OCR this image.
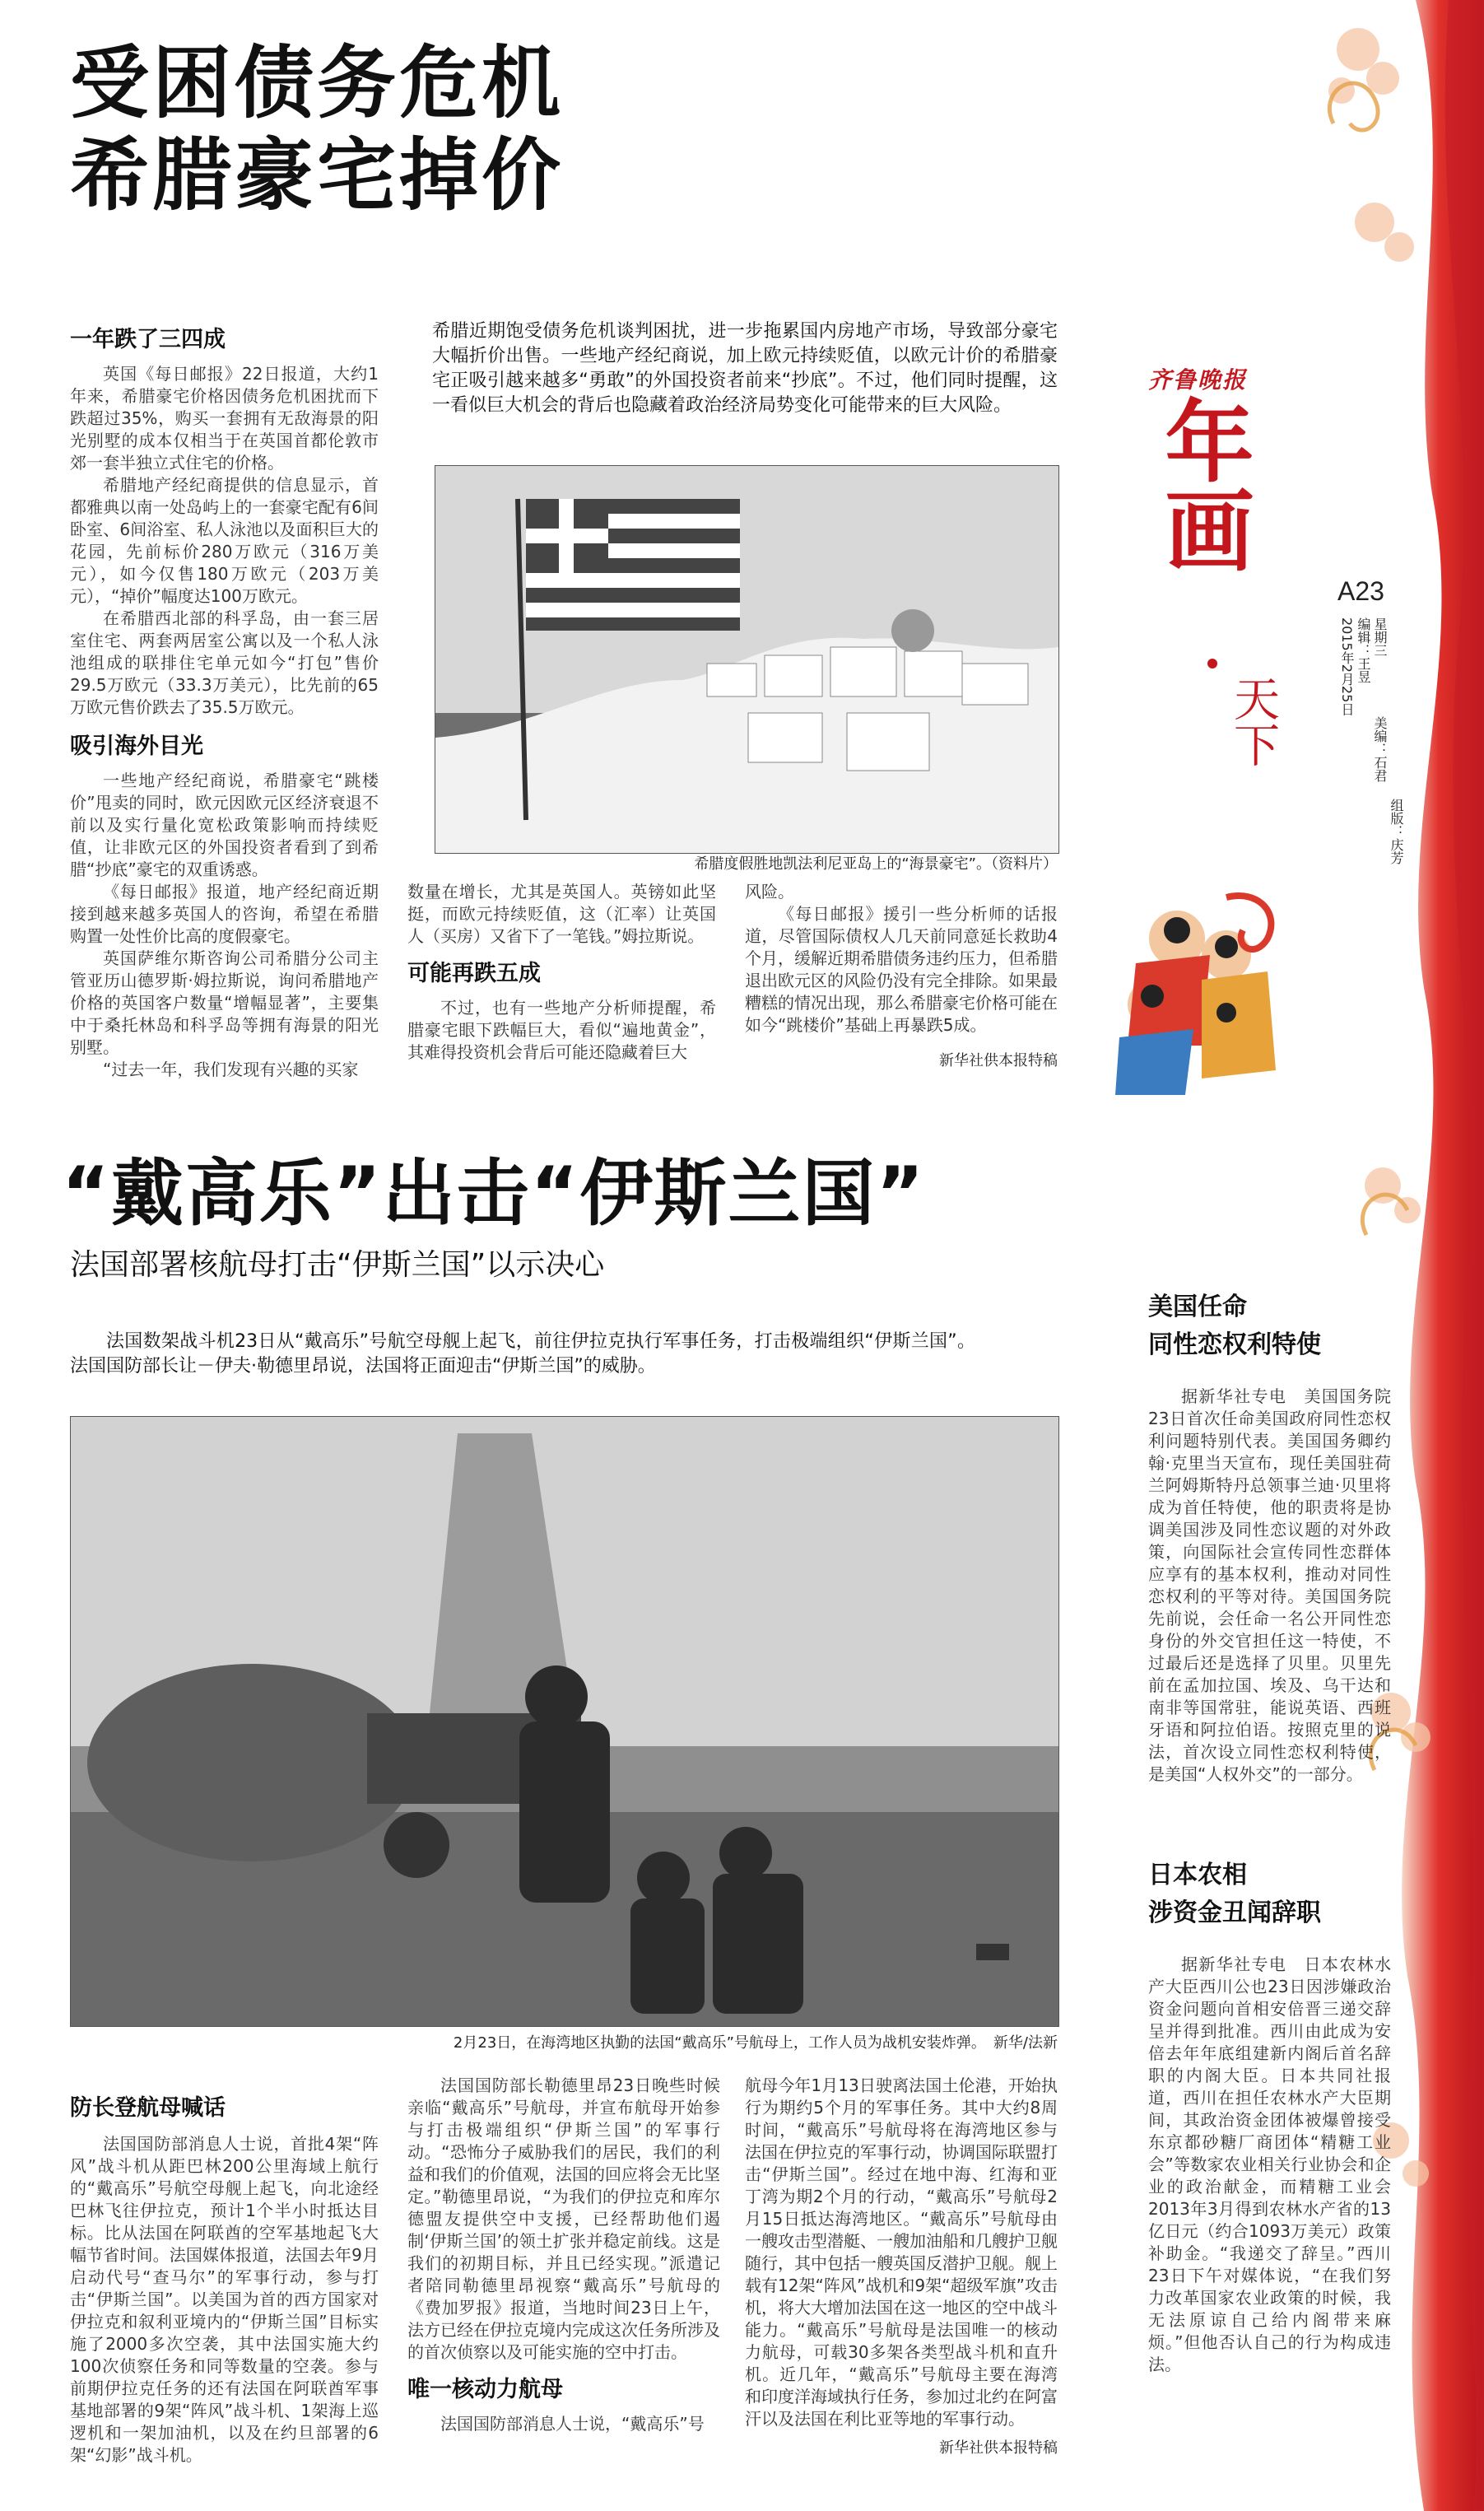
齐鲁晚报
年画
天下
A23
2015年2月25日 星期三
编辑：王昱
美编：石君
组版：庆芳
受困债务危机
希腊豪宅掉价
希腊近期饱受债务危机谈判困扰，进一步拖累国内房地产市场，导致部分豪宅大幅折价出售。一些地产经纪商说，加上欧元持续贬值，以欧元计价的希腊豪宅正吸引越来越多“勇敢”的外国投资者前来“抄底”。不过，他们同时提醒，这一看似巨大机会的背后也隐藏着政治经济局势变化可能带来的巨大风险。
一年跌了三四成
英国《每日邮报》22日报道，大约1年来，希腊豪宅价格因债务危机困扰而下跌超过35%，购买一套拥有无敌海景的阳光别墅的成本仅相当于在英国首都伦敦市郊一套半独立式住宅的价格。
希腊地产经纪商提供的信息显示，首都雅典以南一处岛屿上的一套豪宅配有6间卧室、6间浴室、私人泳池以及面积巨大的花园，先前标价280万欧元（316万美元），如今仅售180万欧元（203万美元），“掉价”幅度达100万欧元。
在希腊西北部的科孚岛，由一套三居室住宅、两套两居室公寓以及一个私人泳池组成的联排住宅单元如今“打包”售价29.5万欧元（33.3万美元），比先前的65万欧元售价跌去了35.5万欧元。
吸引海外目光
一些地产经纪商说，希腊豪宅“跳楼价”甩卖的同时，欧元因欧元区经济衰退不前以及实行量化宽松政策影响而持续贬值，让非欧元区的外国投资者看到了到希腊“抄底”豪宅的双重诱惑。
《每日邮报》报道，地产经纪商近期接到越来越多英国人的咨询，希望在希腊购置一处性价比高的度假豪宅。
英国萨维尔斯咨询公司希腊分公司主管亚历山德罗斯·姆拉斯说，询问希腊地产价格的英国客户数量“增幅显著”，主要集中于桑托林岛和科孚岛等拥有海景的阳光别墅。
“过去一年，我们发现有兴趣的买家
希腊度假胜地凯法利尼亚岛上的“海景豪宅”。（资料片）
数量在增长，尤其是英国人。英镑如此坚挺，而欧元持续贬值，这（汇率）让英国人（买房）又省下了一笔钱。”姆拉斯说。
可能再跌五成
不过，也有一些地产分析师提醒，希腊豪宅眼下跌幅巨大，看似“遍地黄金”，其难得投资机会背后可能还隐藏着巨大
风险。
《每日邮报》援引一些分析师的话报道，尽管国际债权人几天前同意延长救助4个月，缓解近期希腊债务违约压力，但希腊退出欧元区的风险仍没有完全排除。如果最糟糕的情况出现，那么希腊豪宅价格可能在如今“跳楼价”基础上再暴跌5成。
新华社供本报特稿
“戴高乐”出击“伊斯兰国”
法国部署核航母打击“伊斯兰国”以示决心
法国数架战斗机23日从“戴高乐”号航空母舰上起飞，前往伊拉克执行军事任务，打击极端组织“伊斯兰国”。法国国防部长让－伊夫·勒德里昂说，法国将正面迎击“伊斯兰国”的威胁。
2月23日，在海湾地区执勤的法国“戴高乐”号航母上，工作人员为战机安装炸弹。　新华/法新
防长登航母喊话
法国国防部消息人士说，首批4架“阵风”战斗机从距巴林200公里海域上航行的“戴高乐”号航空母舰上起飞，向北途经巴林飞往伊拉克，预计1个半小时抵达目标。比从法国在阿联酋的空军基地起飞大幅节省时间。法国媒体报道，法国去年9月启动代号“查马尔”的军事行动，参与打击“伊斯兰国”。以美国为首的西方国家对伊拉克和叙利亚境内的“伊斯兰国”目标实施了2000多次空袭，其中法国实施大约100次侦察任务和同等数量的空袭。参与前期伊拉克任务的还有法国在阿联酋军事基地部署的9架“阵风”战斗机、1架海上巡逻机和一架加油机，以及在约旦部署的6架“幻影”战斗机。
法国国防部长勒德里昂23日晚些时候亲临“戴高乐”号航母，并宣布航母开始参与打击极端组织“伊斯兰国”的军事行动。“恐怖分子威胁我们的居民，我们的利益和我们的价值观，法国的回应将会无比坚定。”勒德里昂说，“为我们的伊拉克和库尔德盟友提供空中支援，已经帮助他们遏制‘伊斯兰国’的领土扩张并稳定前线。这是我们的初期目标，并且已经实现。”派遣记者陪同勒德里昂视察“戴高乐”号航母的《费加罗报》报道，当地时间23日上午，法方已经在伊拉克境内完成这次任务所涉及的首次侦察以及可能实施的空中打击。
唯一核动力航母
法国国防部消息人士说，“戴高乐”号
航母今年1月13日驶离法国土伦港，开始执行为期约5个月的军事任务。其中大约8周时间，“戴高乐”号航母将在海湾地区参与法国在伊拉克的军事行动，协调国际联盟打击“伊斯兰国”。经过在地中海、红海和亚丁湾为期2个月的行动，“戴高乐”号航母2月15日抵达海湾地区。“戴高乐”号航母由一艘攻击型潜艇、一艘加油船和几艘护卫舰随行，其中包括一艘英国反潜护卫舰。舰上载有12架“阵风”战机和9架“超级军旗”攻击机，将大大增加法国在这一地区的空中战斗能力。“戴高乐”号航母是法国唯一的核动力航母，可载30多架各类型战斗机和直升机。近几年，“戴高乐”号航母主要在海湾和印度洋海域执行任务，参加过北约在阿富汗以及法国在利比亚等地的军事行动。
新华社供本报特稿
美国任命
同性恋权利特使
据新华社专电　美国国务院23日首次任命美国政府同性恋权利问题特别代表。美国国务卿约翰·克里当天宣布，现任美国驻荷兰阿姆斯特丹总领事兰迪·贝里将成为首任特使，他的职责将是协调美国涉及同性恋议题的对外政策，向国际社会宣传同性恋群体应享有的基本权利，推动对同性恋权利的平等对待。美国国务院先前说，会任命一名公开同性恋身份的外交官担任这一特使，不过最后还是选择了贝里。贝里先前在孟加拉国、埃及、乌干达和南非等国常驻，能说英语、西班牙语和阿拉伯语。按照克里的说法，首次设立同性恋权利特使，是美国“人权外交”的一部分。
日本农相
涉资金丑闻辞职
据新华社专电　日本农林水产大臣西川公也23日因涉嫌政治资金问题向首相安倍晋三递交辞呈并得到批准。西川由此成为安倍去年年底组建新内阁后首名辞职的内阁大臣。日本共同社报道，西川在担任农林水产大臣期间，其政治资金团体被爆曾接受东京都砂糖厂商团体“精糖工业会”等数家农业相关行业协会和企业的政治献金，而精糖工业会2013年3月得到农林水产省的13亿日元（约合1093万美元）政策补助金。“我递交了辞呈。”西川23日下午对媒体说，“在我们努力改革国家农业政策的时候，我无法原谅自己给内阁带来麻烦。”但他否认自己的行为构成违法。
